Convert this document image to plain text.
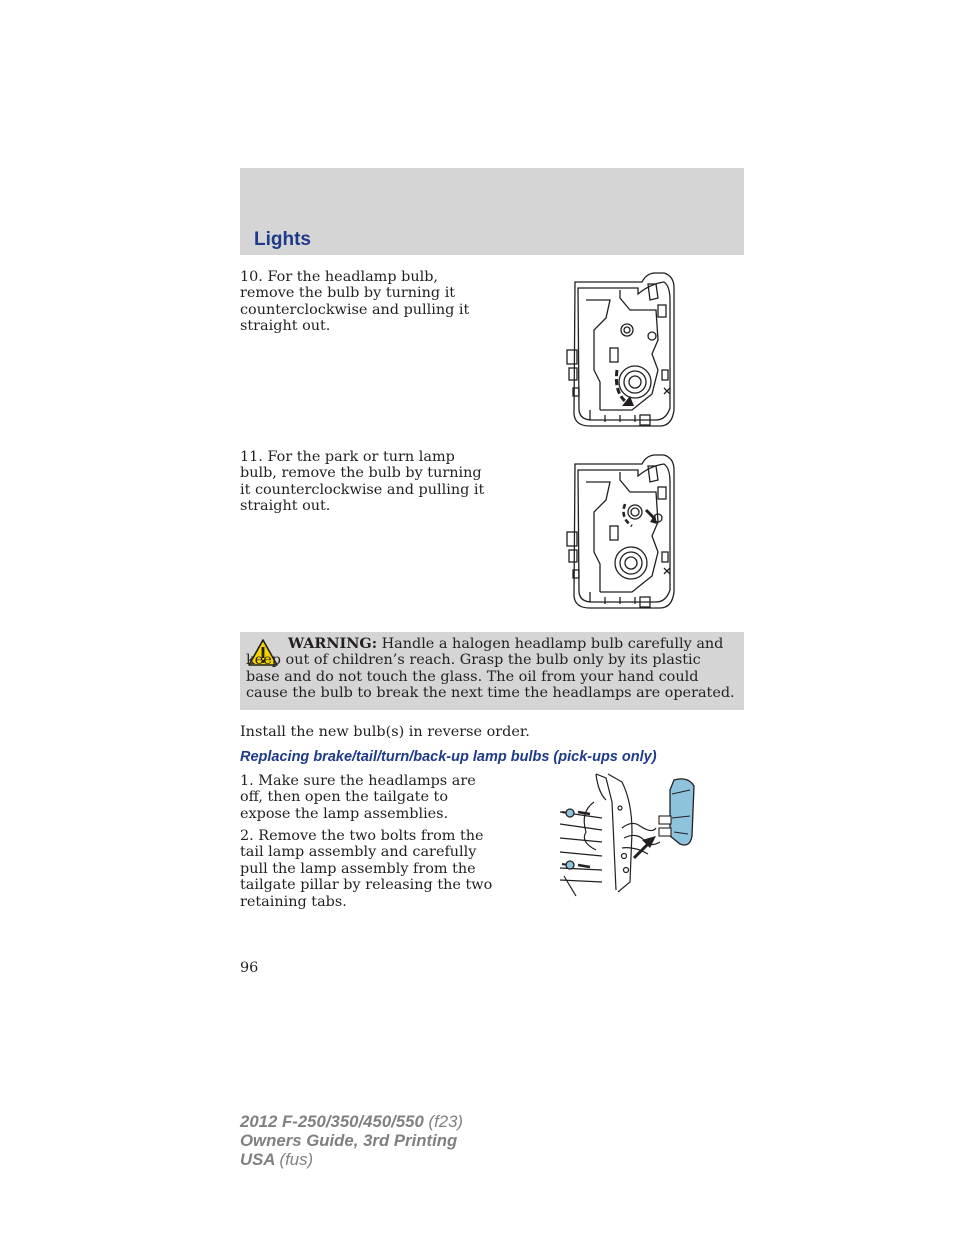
Lights

10. For the headlamp bulb, remove the bulb by turning it counterclockwise and pulling it straight out.

11. For the park or turn lamp bulb, remove the bulb by turning it counterclockwise and pulling it straight out.

WARNING: Handle a halogen headlamp bulb carefully and keep out of children’s reach. Grasp the bulb only by its plastic base and do not touch the glass. The oil from your hand could cause the bulb to break the next time the headlamps are operated.

Install the new bulb(s) in reverse order.

Replacing brake/tail/turn/back-up lamp bulbs (pick-ups only)

1. Make sure the headlamps are off, then open the tailgate to expose the lamp assemblies.

2. Remove the two bolts from the tail lamp assembly and carefully pull the lamp assembly from the tailgate pillar by releasing the two retaining tabs.

96
2012 F-250/350/450/550 (f23)
Owners Guide, 3rd Printing
USA (fus)
